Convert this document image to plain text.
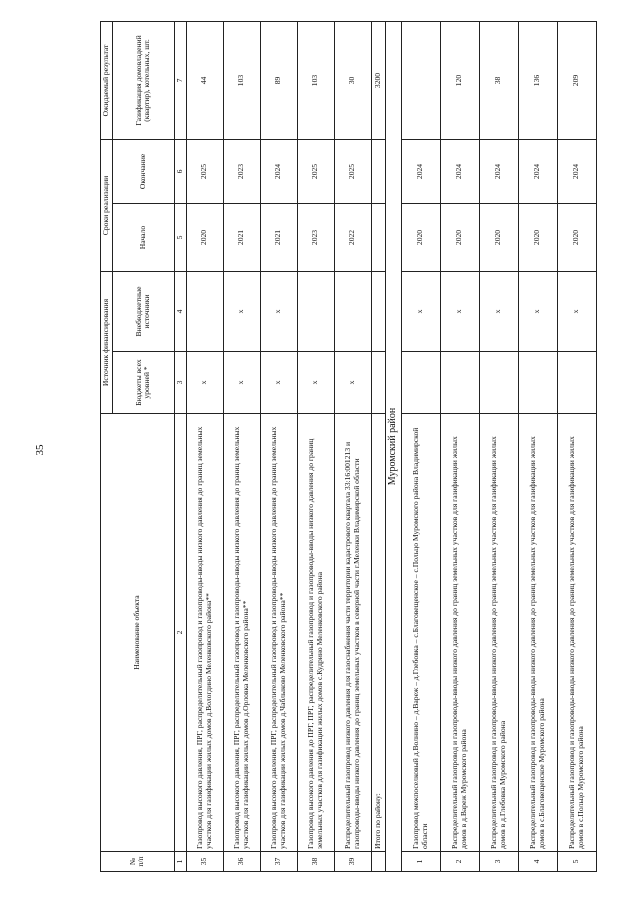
35
№ п/п	Наименование объекта	Источник финансирования		Сроки реализации		Ожидаемый результат
		Бюджеты всех уровней *	Внебюджетные источники	Начало	Окончание	Газификация домовладений (квартир), котельных, шт.
1	2	3	4	5	6	7
35	Газопровод высокого давления, ПРГ, распределительный газопровод и газопроводы-вводы низкого давления до границ земельных участков для газификации жилых домов д.Вологдино Меленковского района**	x		2020	2025	44
36	Газопровод высокого давления, ПРГ, распределительный газопровод и газопроводы-вводы низкого давления до границ земельных участков для газификации жилых домов д.Орловка Меленковского района**	x	x	2021	2023	103
37	Газопровод высокого давления, ПРГ, распределительный газопровод и газопроводы-вводы низкого давления до границ земельных участков для газификации жилых домов д.Чаблыково Меленковского района**	x	x	2021	2024	89
38	Газопровод высокого давления до ПРГ, ПРГ, распределительный газопровод и газопроводы-вводы низкого давления до границ земельных участков для газификации жилых домов с.Кудрино Меленковского района	x		2023	2025	103
39	Распределительный газопровод низкого давления для газоснабжения части территории кадастрового квартала 33:16:001213 и газопроводы-вводы низкого давления до границ земельных участков в северной части г.Меленки Владимирской области	x		2022	2025	30
	Итого по району:					3200
Муромский район						
1	Газопровод межпоселковый д.Волнино – д.Вареж – д.Глебовка – с.Благовещенское – с.Польцо Муромского района Владимирской области		x	2020	2024	
2	Распределительный газопровод и газопроводы-вводы низкого давления до границ земельных участков для газификации жилых домов в д.Вареж Муромского района		x	2020	2024	120
3	Распределительный газопровод и газопроводы-вводы низкого давления до границ земельных участков для газификации жилых домов в д.Глебовка Муромского района		x	2020	2024	38
4	Распределительный газопровод и газопроводы-вводы низкого давления до границ земельных участков для газификации жилых домов в с.Благовещенское Муромского района		x	2020	2024	136
5	Распределительный газопровод и газопроводы-вводы низкого давления до границ земельных участков для газификации жилых домов в с.Польцо Муромского района		x	2020	2024	209
